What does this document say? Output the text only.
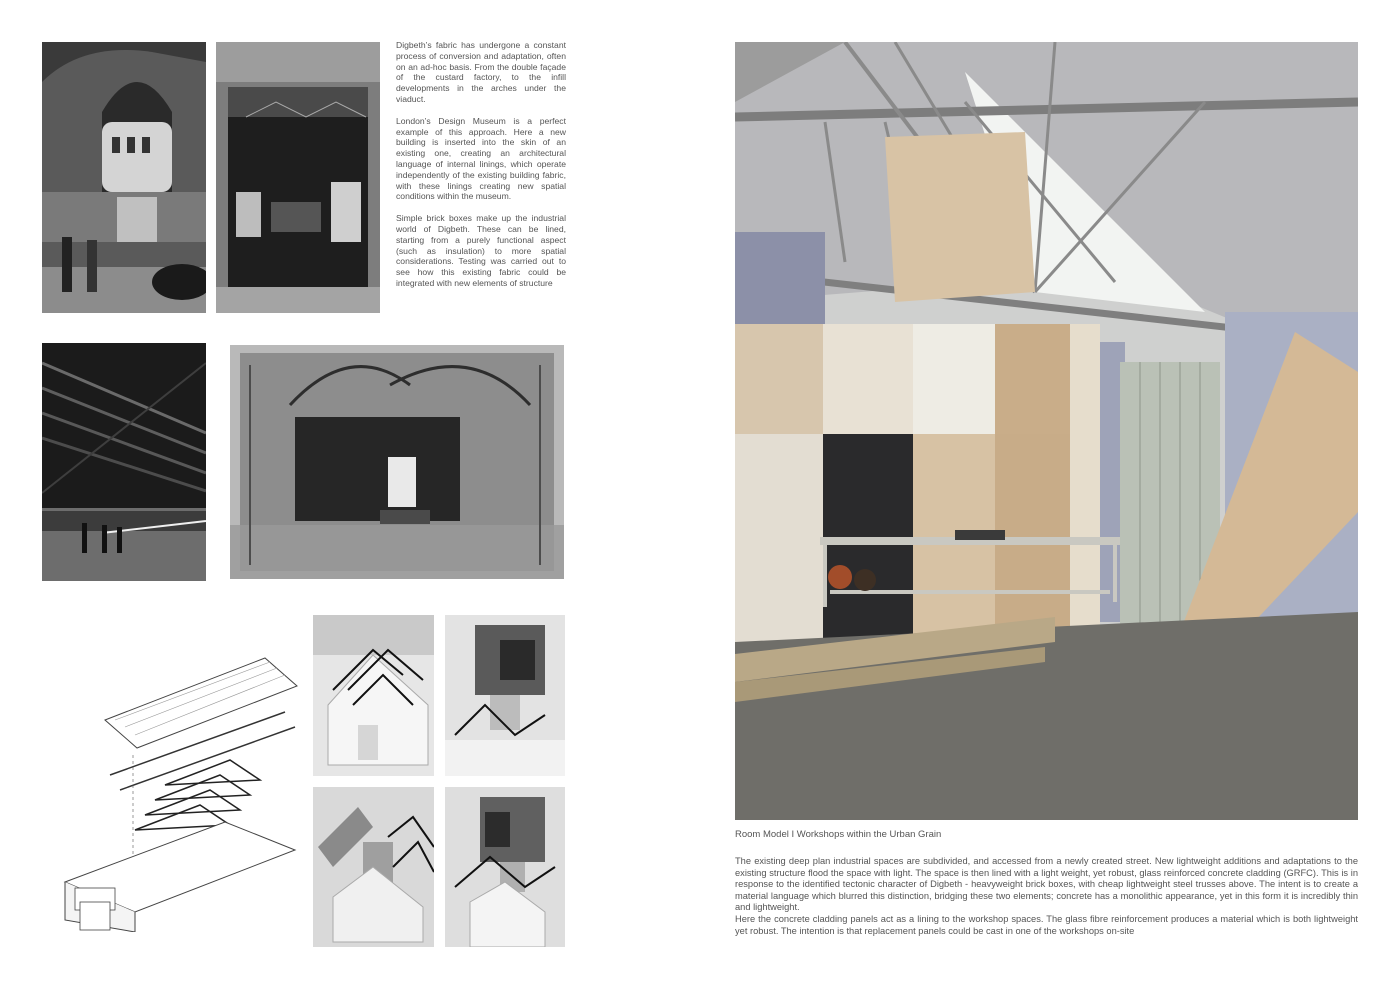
Digbeth’s fabric has undergone a constant process of conversion and adaptation, often on an ad-hoc basis. From the double façade of the custard factory, to the infill developments in the arches under the viaduct.

London’s Design Museum is a perfect example of this approach. Here a new building is inserted into the skin of an existing one, creating an architectural language of internal linings, which operate independently of the existing building fabric, with these linings creating new spatial conditions within the museum.

Simple brick boxes make up the industrial world of Digbeth. These can be lined, starting from a purely functional aspect (such as insulation) to more spatial considerations. Testing was carried out to see how this existing fabric could be integrated with new elements of structure

Room Model I Workshops within the Urban Grain

The existing deep plan industrial spaces are subdivided, and accessed from a newly created street. New lightweight additions and adaptations to the existing structure flood the space with light. The space is then lined with a light weight, yet robust, glass reinforced concrete cladding (GRFC). This is in response to the identified tectonic character of Digbeth - heavyweight brick boxes, with cheap lightweight steel trusses above. The intent is to create a material language which blurred this distinction, bridging these two elements; concrete has a monolithic appearance, yet in this form it is incredibly thin and lightweight.

Here the concrete cladding panels act as a lining to the workshop spaces. The glass fibre reinforcement produces a material which is both lightweight yet robust. The intention is that replacement panels could be cast in one of the workshops on-site
